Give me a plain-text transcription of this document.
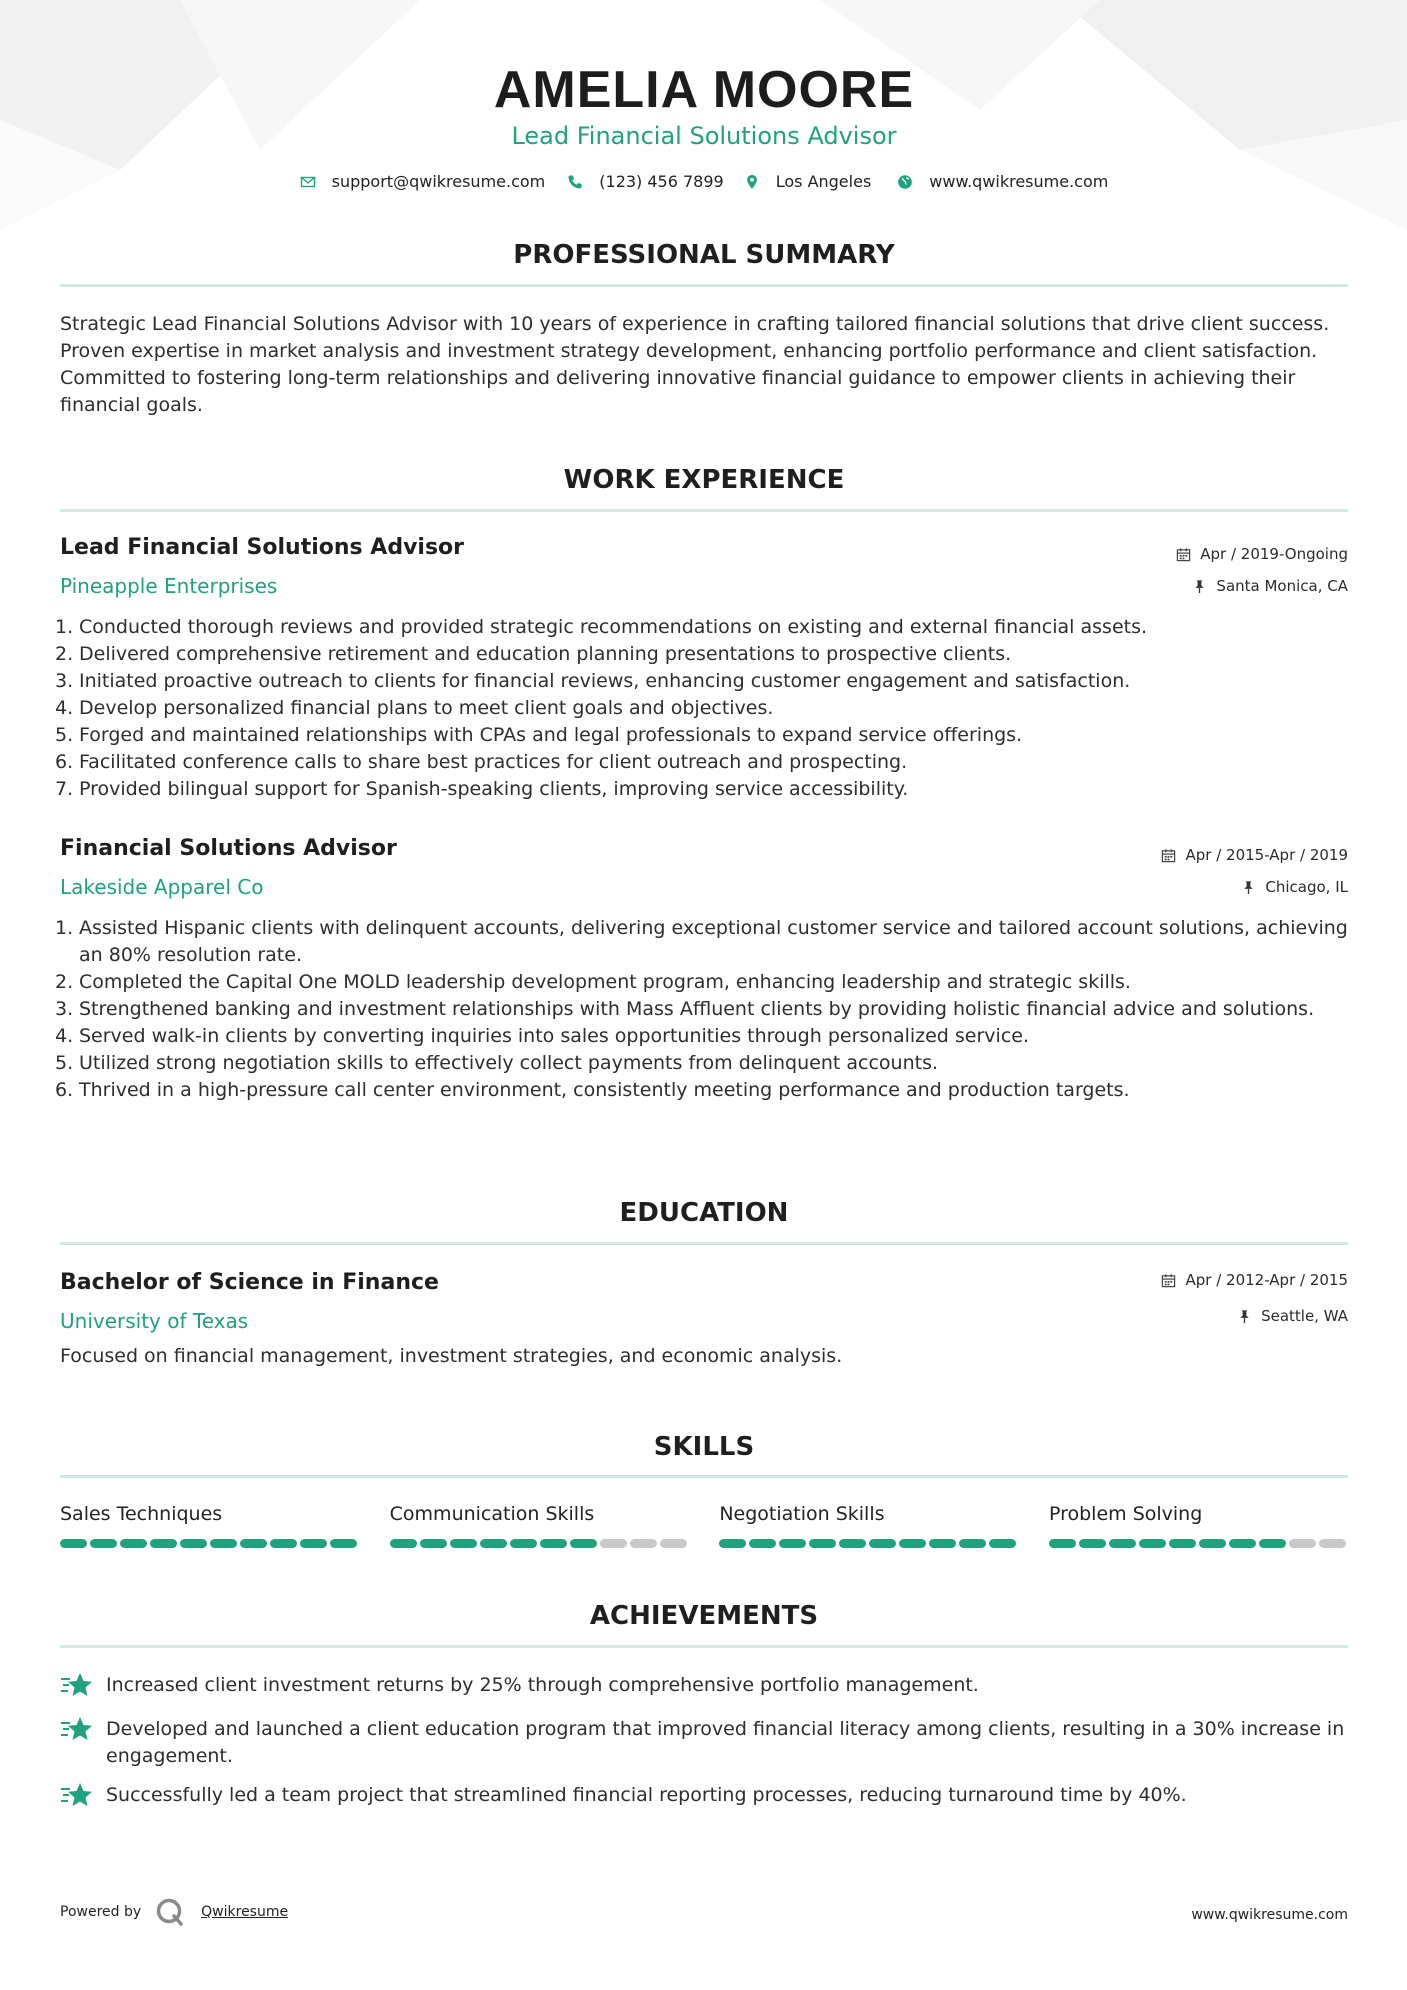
AMELIA MOORE
Lead Financial Solutions Advisor
support@qwikresume.com	(123) 456 7899	Los Angeles	www.qwikresume.com
PROFESSIONAL SUMMARY
Strategic Lead Financial Solutions Advisor with 10 years of experience in crafting tailored financial solutions that drive client success. Proven expertise in market analysis and investment strategy development, enhancing portfolio performance and client satisfaction. Committed to fostering long-term relationships and delivering innovative financial guidance to empower clients in achieving their financial goals.
WORK EXPERIENCE
Lead Financial Solutions Advisor	Apr / 2019-Ongoing
Pineapple Enterprises	Santa Monica, CA
1. Conducted thorough reviews and provided strategic recommendations on existing and external financial assets.
2. Delivered comprehensive retirement and education planning presentations to prospective clients.
3. Initiated proactive outreach to clients for financial reviews, enhancing customer engagement and satisfaction.
4. Develop personalized financial plans to meet client goals and objectives.
5. Forged and maintained relationships with CPAs and legal professionals to expand service offerings.
6. Facilitated conference calls to share best practices for client outreach and prospecting.
7. Provided bilingual support for Spanish-speaking clients, improving service accessibility.
Financial Solutions Advisor	Apr / 2015-Apr / 2019
Lakeside Apparel Co	Chicago, IL
1. Assisted Hispanic clients with delinquent accounts, delivering exceptional customer service and tailored account solutions, achieving an 80% resolution rate.
2. Completed the Capital One MOLD leadership development program, enhancing leadership and strategic skills.
3. Strengthened banking and investment relationships with Mass Affluent clients by providing holistic financial advice and solutions.
4. Served walk-in clients by converting inquiries into sales opportunities through personalized service.
5. Utilized strong negotiation skills to effectively collect payments from delinquent accounts.
6. Thrived in a high-pressure call center environment, consistently meeting performance and production targets.
EDUCATION
Bachelor of Science in Finance	Apr / 2012-Apr / 2015
University of Texas	Seattle, WA
Focused on financial management, investment strategies, and economic analysis.
SKILLS
Sales Techniques	Communication Skills	Negotiation Skills	Problem Solving
ACHIEVEMENTS
Increased client investment returns by 25% through comprehensive portfolio management.
Developed and launched a client education program that improved financial literacy among clients, resulting in a 30% increase in engagement.
Successfully led a team project that streamlined financial reporting processes, reducing turnaround time by 40%.
Powered by	Qwikresume	www.qwikresume.com
